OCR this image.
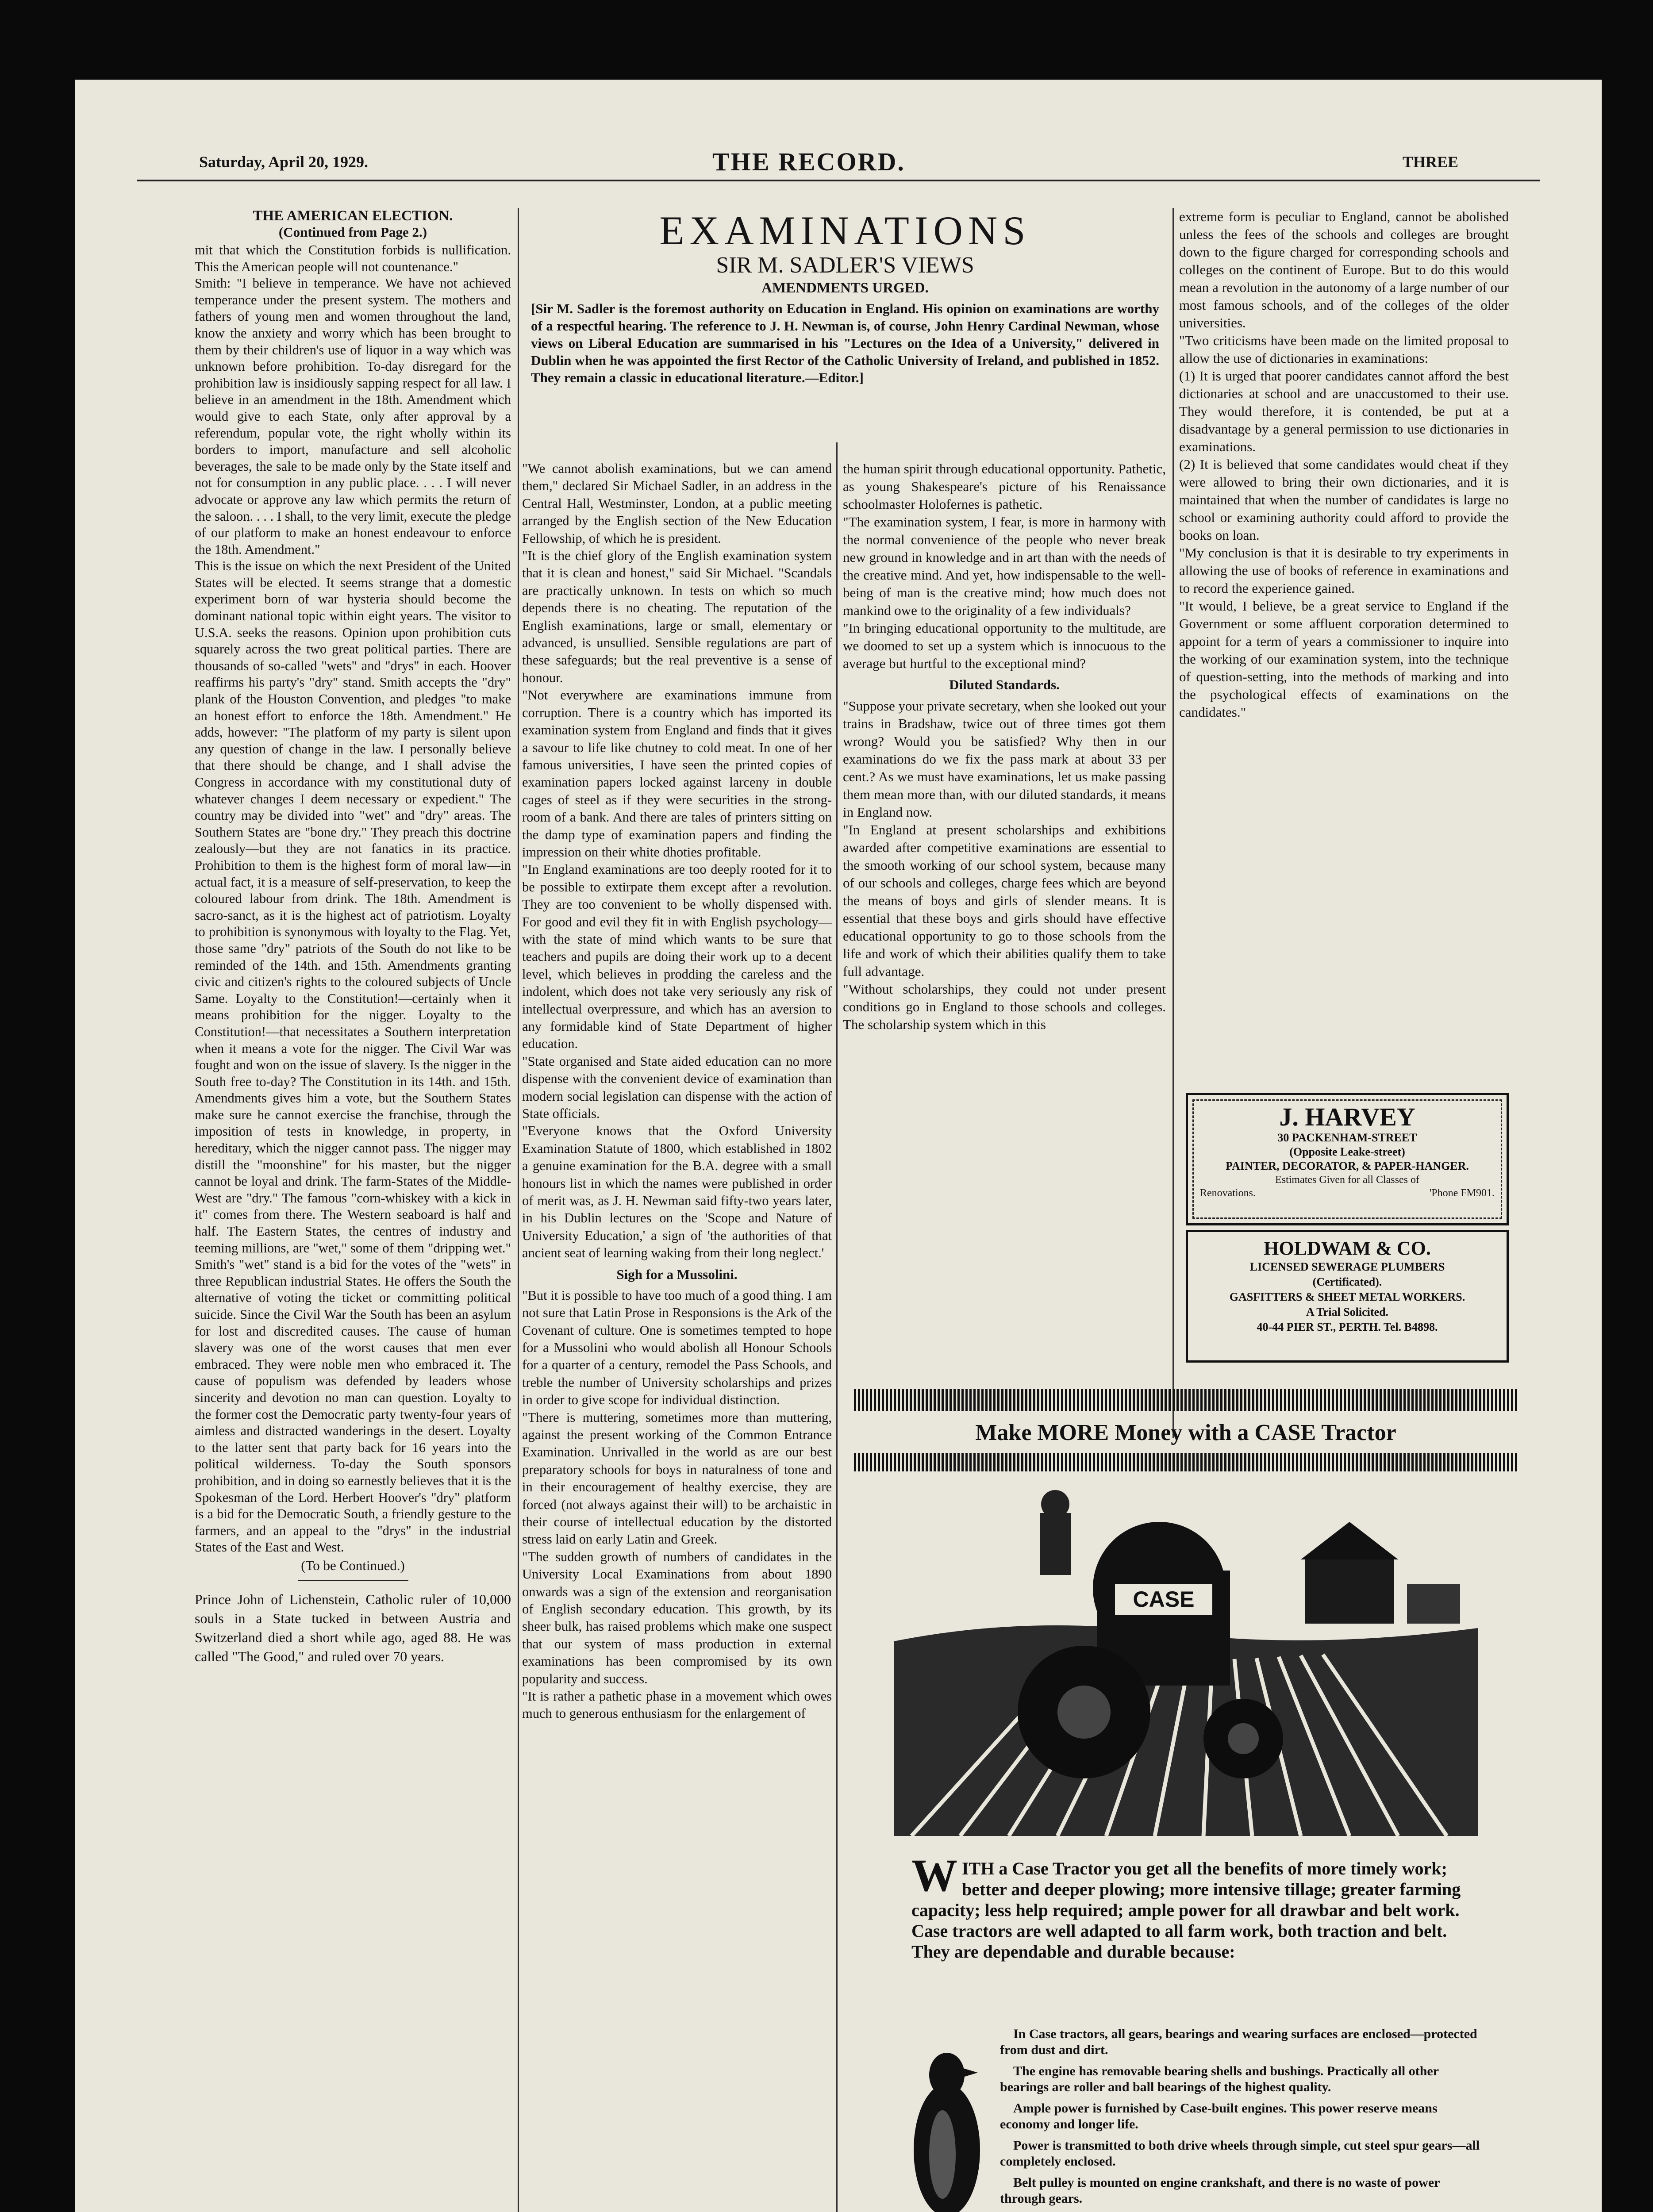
Saturday, April 20, 1929.	THE RECORD.	THREE
THE AMERICAN ELECTION.
(Continued from Page 2.)

mit that which the Constitution forbids is nullification. This the American people will not countenance."
Smith: "I believe in temperance. We have not achieved temperance under the present system. The mothers and fathers of young men and women throughout the land, know the anxiety and worry which has been brought to them by their children's use of liquor in a way which was unknown before prohibition. To-day disregard for the prohibition law is insidiously sapping respect for all law. I believe in an amendment in the 18th. Amendment which would give to each State, only after approval by a referendum, popular vote, the right wholly within its borders to import, manufacture and sell alcoholic beverages, the sale to be made only by the State itself and not for consumption in any public place. . . . I will never advocate or approve any law which permits the return of the saloon. . . . I shall, to the very limit, execute the pledge of our platform to make an honest endeavour to enforce the 18th. Amendment."
This is the issue on which the next President of the United States will be elected. It seems strange that a domestic experiment born of war hysteria should become the dominant national topic within eight years. The visitor to U.S.A. seeks the reasons. Opinion upon prohibition cuts squarely across the two great political parties. There are thousands of so-called "wets" and "drys" in each. Hoover reaffirms his party's "dry" stand. Smith accepts the "dry" plank of the Houston Convention, and pledges "to make an honest effort to enforce the 18th. Amendment." He adds, however: "The platform of my party is silent upon any question of change in the law. I personally believe that there should be change, and I shall advise the Congress in accordance with my constitutional duty of whatever changes I deem necessary or expedient." The country may be divided into "wet" and "dry" areas. The Southern States are "bone dry." They preach this doctrine zealously—but they are not fanatics in its practice. Prohibition to them is the highest form of moral law—in actual fact, it is a measure of self-preservation, to keep the coloured labour from drink. The 18th. Amendment is sacro-sanct, as it is the highest act of patriotism. Loyalty to prohibition is synonymous with loyalty to the Flag. Yet, those same "dry" patriots of the South do not like to be reminded of the 14th. and 15th. Amendments granting civic and citizen's rights to the coloured subjects of Uncle Same. Loyalty to the Constitution!—certainly when it means prohibition for the nigger. Loyalty to the Constitution!—that necessitates a Southern interpretation when it means a vote for the nigger. The Civil War was fought and won on the issue of slavery. Is the nigger in the South free to-day? The Constitution in its 14th. and 15th. Amendments gives him a vote, but the Southern States make sure he cannot exercise the franchise, through the imposition of tests in knowledge, in property, in hereditary, which the nigger cannot pass. The nigger may distill the "moonshine" for his master, but the nigger cannot be loyal and drink. The farm-States of the Middle-West are "dry." The famous "corn-whiskey with a kick in it" comes from there. The Western seaboard is half and half. The Eastern States, the centres of industry and teeming millions, are "wet," some of them "dripping wet." Smith's "wet" stand is a bid for the votes of the "wets" in three Republican industrial States. He offers the South the alternative of voting the ticket or committing political suicide. Since the Civil War the South has been an asylum for lost and discredited causes. The cause of human slavery was one of the worst causes that men ever embraced. They were noble men who embraced it. The cause of populism was defended by leaders whose sincerity and devotion no man can question. Loyalty to the former cost the Democratic party twenty-four years of aimless and distracted wanderings in the desert. Loyalty to the latter sent that party back for 16 years into the political wilderness. To-day the South sponsors prohibition, and in doing so earnestly believes that it is the Spokesman of the Lord. Herbert Hoover's "dry" platform is a bid for the Democratic South, a friendly gesture to the farmers, and an appeal to the "drys" in the industrial States of the East and West.

(To be Continued.)

Prince John of Lichenstein, Catholic ruler of 10,000 souls in a State tucked in between Austria and Switzerland died a short while ago, aged 88. He was called "The Good," and ruled over 70 years.

EXAMINATIONS
SIR M. SADLER'S VIEWS
AMENDMENTS URGED.

[Sir M. Sadler is the foremost authority on Education in England. His opinion on examinations are worthy of a respectful hearing. The reference to J. H. Newman is, of course, John Henry Cardinal Newman, whose views on Liberal Education are summarised in his "Lectures on the Idea of a University," delivered in Dublin when he was appointed the first Rector of the Catholic University of Ireland, and published in 1852. They remain a classic in educational literature.—Editor.]

"We cannot abolish examinations, but we can amend them," declared Sir Michael Sadler, in an address in the Central Hall, Westminster, London, at a public meeting arranged by the English section of the New Education Fellowship, of which he is president.
"It is the chief glory of the English examination system that it is clean and honest," said Sir Michael. "Scandals are practically unknown. In tests on which so much depends there is no cheating. The reputation of the English examinations, large or small, elementary or advanced, is unsullied. Sensible regulations are part of these safeguards; but the real preventive is a sense of honour.
"Not everywhere are examinations immune from corruption. There is a country which has imported its examination system from England and finds that it gives a savour to life like chutney to cold meat. In one of her famous universities, I have seen the printed copies of examination papers locked against larceny in double cages of steel as if they were securities in the strong-room of a bank. And there are tales of printers sitting on the damp type of examination papers and finding the impression on their white dhoties profitable.
"In England examinations are too deeply rooted for it to be possible to extirpate them except after a revolution. They are too convenient to be wholly dispensed with. For good and evil they fit in with English psychology—with the state of mind which wants to be sure that teachers and pupils are doing their work up to a decent level, which believes in prodding the careless and the indolent, which does not take very seriously any risk of intellectual overpressure, and which has an aversion to any formidable kind of State Department of higher education.
"State organised and State aided education can no more dispense with the convenient device of examination than modern social legislation can dispense with the action of State officials.
"Everyone knows that the Oxford University Examination Statute of 1800, which established in 1802 a genuine examination for the B.A. degree with a small honours list in which the names were published in order of merit was, as J. H. Newman said fifty-two years later, in his Dublin lectures on the 'Scope and Nature of University Education,' a sign of 'the authorities of that ancient seat of learning waking from their long neglect.'

Sigh for a Mussolini.

"But it is possible to have too much of a good thing. I am not sure that Latin Prose in Responsions is the Ark of the Covenant of culture. One is sometimes tempted to hope for a Mussolini who would abolish all Honour Schools for a quarter of a century, remodel the Pass Schools, and treble the number of University scholarships and prizes in order to give scope for individual distinction.
"There is muttering, sometimes more than muttering, against the present working of the Common Entrance Examination. Unrivalled in the world as are our best preparatory schools for boys in naturalness of tone and in their encouragement of healthy exercise, they are forced (not always against their will) to be archaistic in their course of intellectual education by the distorted stress laid on early Latin and Greek.
"The sudden growth of numbers of candidates in the University Local Examinations from about 1890 onwards was a sign of the extension and reorganisation of English secondary education. This growth, by its sheer bulk, has raised problems which make one suspect that our system of mass production in external examinations has been compromised by its own popularity and success.
"It is rather a pathetic phase in a movement which owes much to generous enthusiasm for the enlargement of

the human spirit through educational opportunity. Pathetic, as young Shakespeare's picture of his Renaissance schoolmaster Holofernes is pathetic.
"The examination system, I fear, is more in harmony with the normal convenience of the people who never break new ground in knowledge and in art than with the needs of the creative mind. And yet, how indispensable to the well-being of man is the creative mind; how much does not mankind owe to the originality of a few individuals?
"In bringing educational opportunity to the multitude, are we doomed to set up a system which is innocuous to the average but hurtful to the exceptional mind?

Diluted Standards.

"Suppose your private secretary, when she looked out your trains in Bradshaw, twice out of three times got them wrong? Would you be satisfied? Why then in our examinations do we fix the pass mark at about 33 per cent.? As we must have examinations, let us make passing them mean more than, with our diluted standards, it means in England now.
"In England at present scholarships and exhibitions awarded after competitive examinations are essential to the smooth working of our school system, because many of our schools and colleges, charge fees which are beyond the means of boys and girls of slender means. It is essential that these boys and girls should have effective educational opportunity to go to those schools from the life and work of which their abilities qualify them to take full advantage.
"Without scholarships, they could not under present conditions go in England to those schools and colleges. The scholarship system which in this

extreme form is peculiar to England, cannot be abolished unless the fees of the schools and colleges are brought down to the figure charged for corresponding schools and colleges on the continent of Europe. But to do this would mean a revolution in the autonomy of a large number of our most famous schools, and of the colleges of the older universities.
"Two criticisms have been made on the limited proposal to allow the use of dictionaries in examinations:
(1) It is urged that poorer candidates cannot afford the best dictionaries at school and are unaccustomed to their use. They would therefore, it is contended, be put at a disadvantage by a general permission to use dictionaries in examinations.
(2) It is believed that some candidates would cheat if they were allowed to bring their own dictionaries, and it is maintained that when the number of candidates is large no school or examining authority could afford to provide the books on loan.
"My conclusion is that it is desirable to try experiments in allowing the use of books of reference in examinations and to record the experience gained.
"It would, I believe, be a great service to England if the Government or some affluent corporation determined to appoint for a term of years a commissioner to inquire into the working of our examination system, into the technique of question-setting, into the methods of marking and into the psychological effects of examinations on the candidates."

J. HARVEY
30 PACKENHAM-STREET
(Opposite Leake-street)
PAINTER, DECORATOR, & PAPER-HANGER.
Estimates Given for all Classes of
Renovations.	'Phone FM901.
HOLDWAM & CO.
LICENSED SEWERAGE PLUMBERS
(Certificated).
GASFITTERS & SHEET METAL WORKERS.
A Trial Solicited.
40-44 PIER ST., PERTH. Tel. B4898.
Make MORE Money with a CASE Tractor
CASE

WITH a Case Tractor you get all the benefits of more timely work; better and deeper plowing; more intensive tillage; greater farming capacity; less help required; ample power for all drawbar and belt work. Case tractors are well adapted to all farm work, both traction and belt. They are dependable and durable because:

In Case tractors, all gears, bearings and wearing surfaces are enclosed—protected from dust and dirt.

The engine has removable bearing shells and bushings. Practically all other bearings are roller and ball bearings of the highest quality.

Ample power is furnished by Case-built engines. This power reserve means economy and longer life.

Power is transmitted to both drive wheels through simple, cut steel spur gears—all completely enclosed.

Belt pulley is mounted on engine crankshaft, and there is no waste of power through gears.
